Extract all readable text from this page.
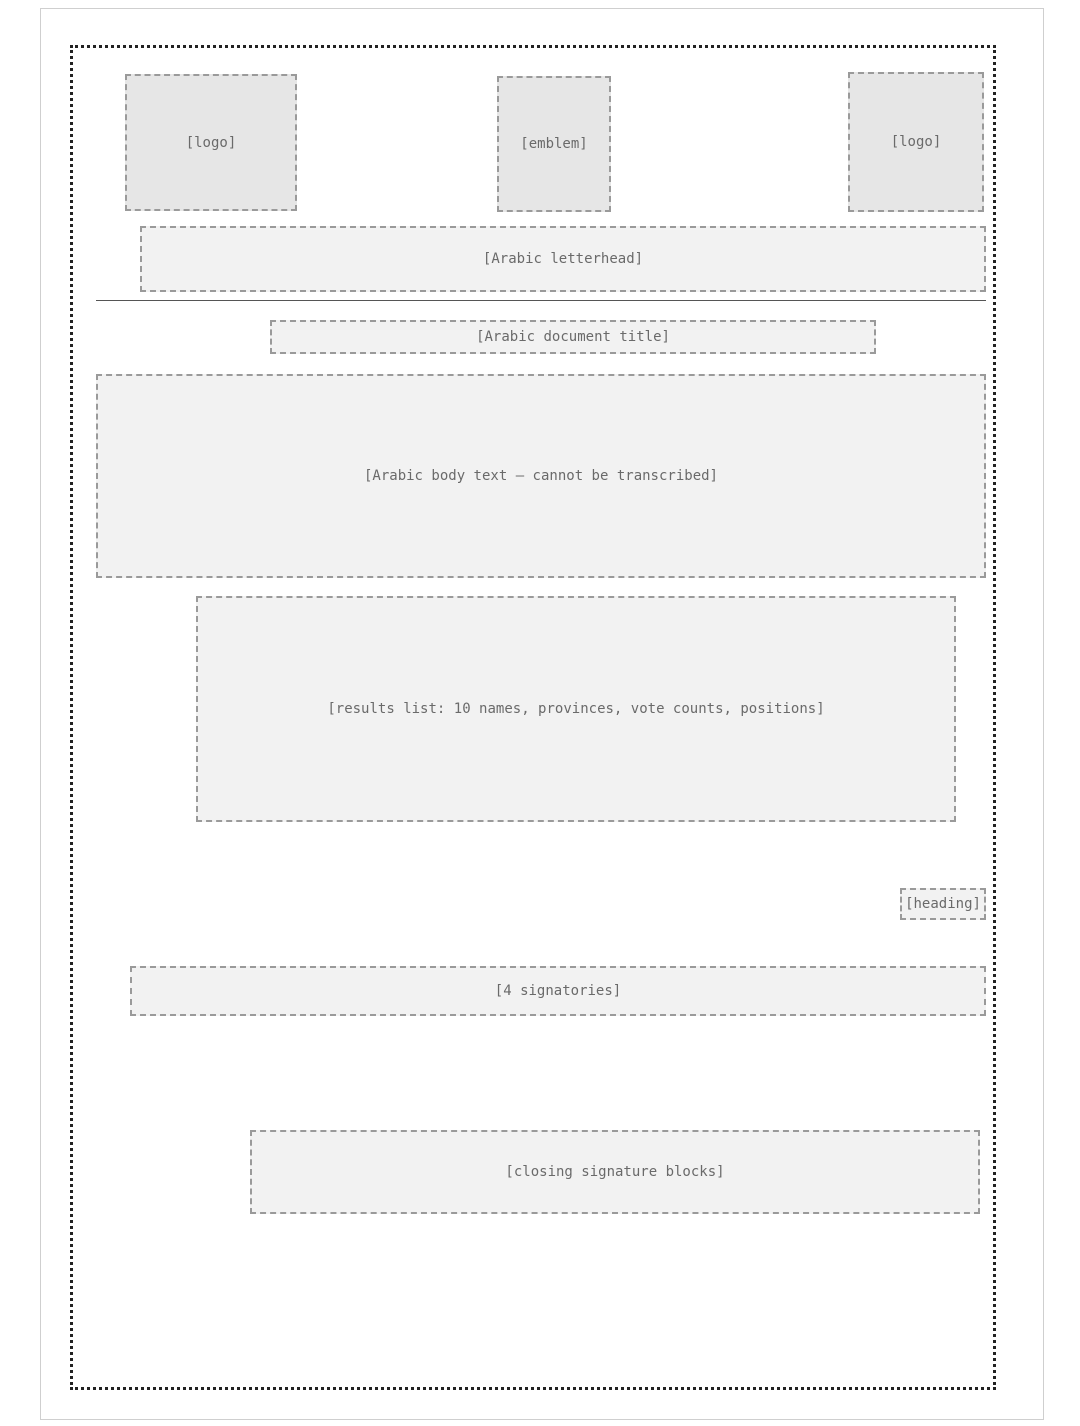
[logo]	[emblem]	[logo]
[Arabic letterhead]
[Arabic document title]
[Arabic body text — cannot be transcribed]
[results list: 10 names, provinces, vote counts, positions]
[heading]
[4 signatories]
[closing signature blocks]
